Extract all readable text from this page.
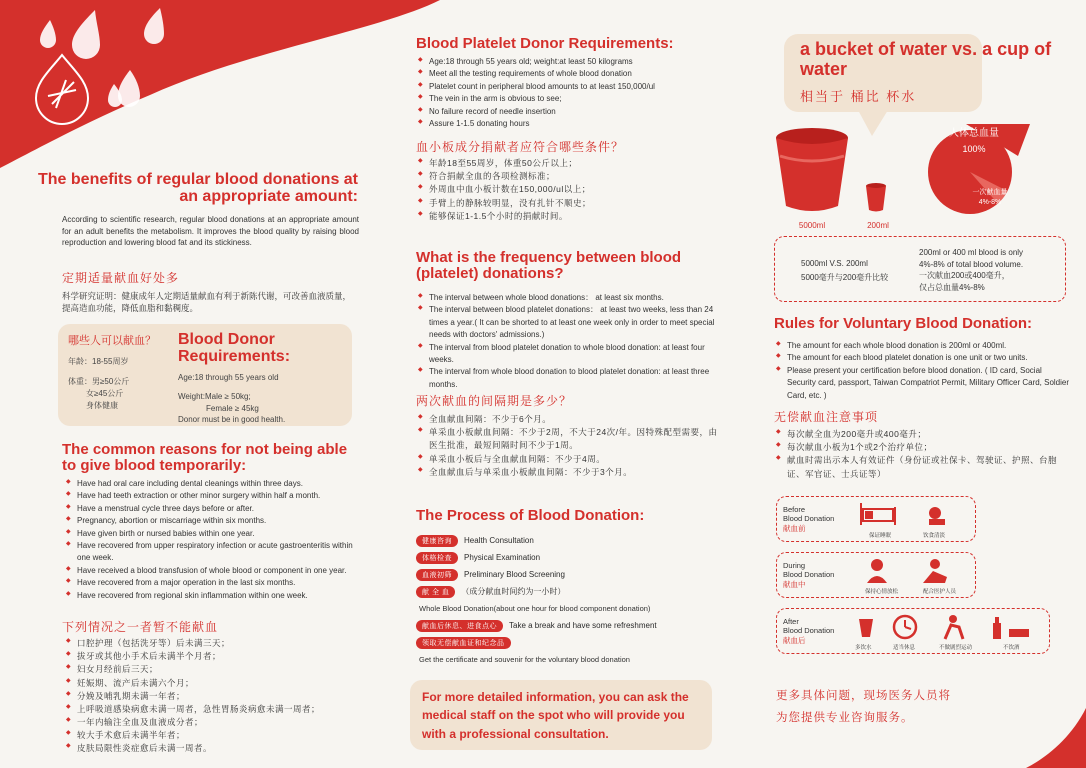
The benefits of regular blood donations at an appropriate amount:
According to scientific research, regular blood donations at an appropriate amount for an adult benefits the metabolism. It improves the blood quality by raising blood reproduction and lowering blood fat and its stickiness.
定期适量献血好处多
科学研究证明：健康成年人定期适量献血有利于新陈代谢，可改善血液质量，提高造血功能，降低血脂和黏稠度。
哪些人可以献血？
年龄：18-55周岁
体重：男≥50公斤
女≥45公斤
身体健康
Blood Donor Requirements:
Age:18 through 55 years old
Weight:Male ≥ 50kg;
Female ≥ 45kg
Donor must be in good health.
The common reasons for not being able to give blood temporarily:
◆ Have had oral care including dental cleanings within three days.
◆ Have had teeth extraction or other minor surgery within half a month.
◆ Have a menstrual cycle three days before or after.
◆ Pregnancy, abortion or miscarriage within six months.
◆ Have given birth or nursed babies within one year.
◆ Have recovered from upper respiratory infection or acute gastroenteritis within one week.
◆ Have received a blood transfusion of whole blood or component in one year.
◆ Have recovered from a major operation in the last six months.
◆ Have recovered from regional skin inflammation within one week.
下列情况之一者暂不能献血
◆ 口腔护理（包括洗牙等）后未满三天；
◆ 拔牙或其他小手术后未满半个月者；
◆ 妇女月经前后三天；
◆ 妊娠期、流产后未满六个月；
◆ 分娩及哺乳期未满一年者；
◆ 上呼吸道感染病愈未满一周者，急性胃肠炎病愈未满一周者；
◆ 一年内输注全血及血液成分者；
◆ 较大手术愈后未满半年者；
◆ 皮肤局限性炎症愈后未满一周者。
Blood Platelet Donor Requirements:
◆ Age:18 through 55 years old; weight:at least 50 kilograms
◆ Meet all the testing requirements of whole blood donation
◆ Platelet count in peripheral blood amounts to at least 150,000/ul
◆ The vein in the arm is obvious to see;
◆ No failure record of needle insertion
◆ Assure 1-1.5 donating hours
血小板成分捐献者应符合哪些条件？
◆ 年龄18至55周岁，体重50公斤以上；
◆ 符合捐献全血的各项检测标准；
◆ 外周血中血小板计数在150,000/ul以上；
◆ 手臂上的静脉较明显，没有扎针不顺史；
◆ 能够保证1-1.5个小时的捐献时间。
What is the frequency between blood (platelet) donations?
◆ The interval between whole blood donations： at least six months.
◆ The interval between blood platelet donations： at least two weeks, less than 24 times a year.( It can be shorted to at least one week only in order to meet special needs with doctors' admissions.)
◆ The interval from blood platelet donation to whole blood donation: at least four weeks.
◆ The interval from whole blood donation to blood platelet donation: at least three months.
两次献血的间隔期是多少？
◆ 全血献血间隔：不少于6个月。
◆ 单采血小板献血间隔：不少于2周，不大于24次/年。因特殊配型需要，由医生批准，最短间隔时间不少于1周。
◆ 单采血小板后与全血献血间隔：不少于4周。
◆ 全血献血后与单采血小板献血间隔：不少于3个月。
The Process of Blood Donation:
健康咨询	Health Consultation
体格检查	Physical Examination
血液初筛	Preliminary Blood Screening
献 全 血	（成分献血时间约为一小时）
Whole Blood Donation(about one hour for blood component donation)
献血后休息、进食点心	Take a break and have some refreshment
领取无偿献血证和纪念品
Get the certificate and souvenir for the voluntary blood donation
For more detailed information, you can ask the medical staff on the spot who will provide you with a professional consultation.
a bucket of water vs. a cup of water
相当于 桶比 杯水
5000ml	200ml
人体总血量
100%
一次献血量
4%-8%
5000ml V.S. 200ml
5000毫升与200毫升比较
200ml or 400 ml blood is only
4%-8% of total blood volume.
一次献血200或400毫升，
仅占总血量4%-8%
Rules for Voluntary Blood Donation:
◆ The amount for each whole blood donation is 200ml or 400ml.
◆ The amount for each blood platelet donation is one unit or two units.
◆ Please present your certification before blood donation. ( ID card, Social Security card, passport, Taiwan Compatriot Permit, Military Officer Card, Soldier Card, etc. )
无偿献血注意事项
◆ 每次献全血为200毫升或400毫升；
◆ 每次献血小板为1个或2个治疗单位；
◆ 献血时需出示本人有效证件（身份证或社保卡、驾驶证、护照、台胞证、军官证、士兵证等）
Before
Blood Donation
献血前
保证睡眠	饮食清淡
During
Blood Donation
献血中
保持心情放松	配合医护人员
After
Blood Donation
献血后
多饮水	适当休息	不做剧烈运动	不饮酒
更多具体问题，现场医务人员将
为您提供专业咨询服务。
